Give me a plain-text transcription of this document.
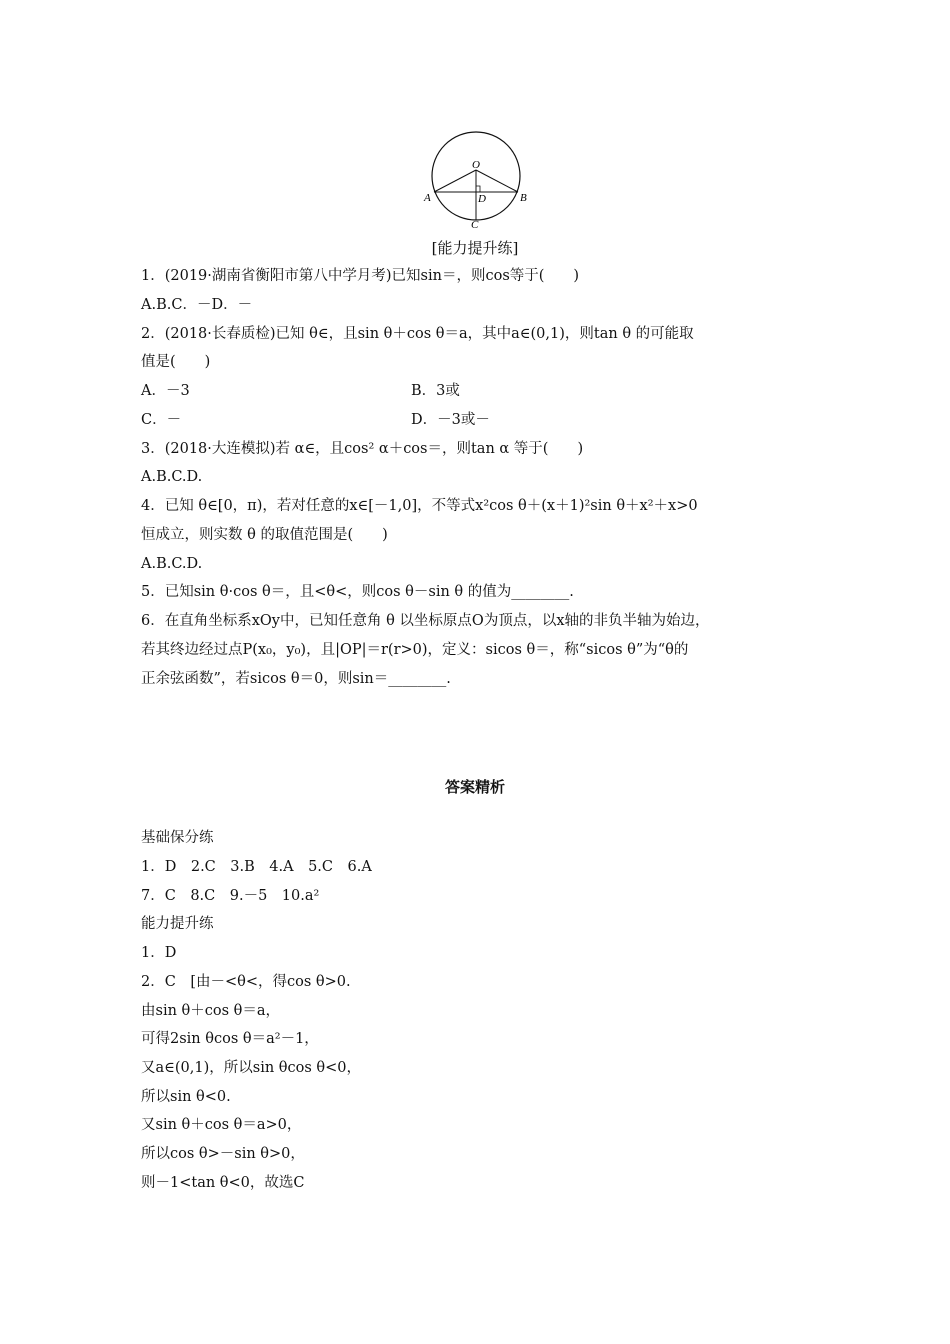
O
A	B
D
C
[能力提升练]
1．(2019·湖南省衡阳市第八中学月考)已知sin＝，则cos等于(　　)
A.B.C．－D．－
2．(2018·长春质检)已知 θ∈，且sin θ＋cos θ＝a，其中a∈(0,1)，则tan θ 的可能取
值是(　　)
A．－3	B．3或
C．－	D．－3或－
3．(2018·大连模拟)若 α∈，且cos² α＋cos＝，则tan α 等于(　　)
A.B.C.D.
4．已知 θ∈[0，π)，若对任意的x∈[－1,0]，不等式x²cos θ＋(x＋1)²sin θ＋x²＋x>0
恒成立，则实数 θ 的取值范围是(　　)
A.B.C.D.
5．已知sin θ·cos θ＝，且<θ<，则cos θ－sin θ 的值为________.
6．在直角坐标系xOy中，已知任意角 θ 以坐标原点O为顶点，以x轴的非负半轴为始边，
若其终边经过点P(x₀，y₀)，且|OP|＝r(r>0)，定义：sicos θ＝，称“sicos θ”为“θ的
正余弦函数”，若sicos θ＝0，则sin＝________.
答案精析
基础保分练
1．D　2.C　3.B　4.A　5.C　6.A
7．C　8.C　9.－5　10.a²
能力提升练
1．D
2．C　[由－<θ<，得cos θ>0.
由sin θ＋cos θ＝a，
可得2sin θcos θ＝a²－1，
又a∈(0,1)，所以sin θcos θ<0，
所以sin θ<0.
又sin θ＋cos θ＝a>0，
所以cos θ>－sin θ>0，
则－1<tan θ<0，故选C
